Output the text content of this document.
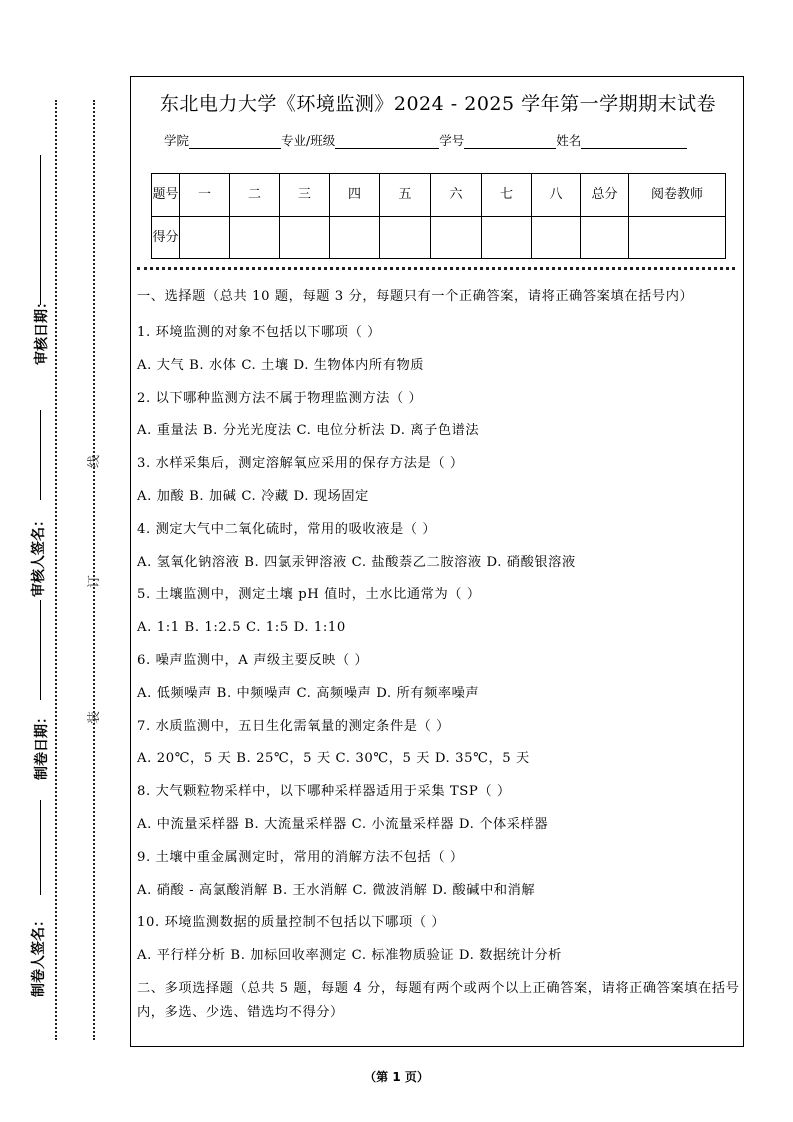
审核日期：
审核人签名：
制卷日期：
制卷人签名：
线
订
装
东北电力大学《环境监测》2024 - 2025 学年第一学期期末试卷
学院	专业/班级	学号	姓名
题号	一	二	三	四	五	六	七	八	总分	阅卷教师
得分										

一、选择题（总共 10 题，每题 3 分，每题只有一个正确答案，请将正确答案填在括号内）

1. 环境监测的对象不包括以下哪项（ ）

A. 大气 B. 水体 C. 土壤 D. 生物体内所有物质

2. 以下哪种监测方法不属于物理监测方法（ ）

A. 重量法 B. 分光光度法 C. 电位分析法 D. 离子色谱法

3. 水样采集后，测定溶解氧应采用的保存方法是（ ）

A. 加酸 B. 加碱 C. 冷藏 D. 现场固定

4. 测定大气中二氧化硫时，常用的吸收液是（ ）

A. 氢氧化钠溶液 B. 四氯汞钾溶液 C. 盐酸萘乙二胺溶液 D. 硝酸银溶液

5. 土壤监测中，测定土壤 pH 值时，土水比通常为（ ）

A. 1:1 B. 1:2.5 C. 1:5 D. 1:10

6. 噪声监测中，A 声级主要反映（ ）

A. 低频噪声 B. 中频噪声 C. 高频噪声 D. 所有频率噪声

7. 水质监测中，五日生化需氧量的测定条件是（ ）

A. 20℃，5 天 B. 25℃，5 天 C. 30℃，5 天 D. 35℃，5 天

8. 大气颗粒物采样中，以下哪种采样器适用于采集 TSP（ ）

A. 中流量采样器 B. 大流量采样器 C. 小流量采样器 D. 个体采样器

9. 土壤中重金属测定时，常用的消解方法不包括（ ）

A. 硝酸 - 高氯酸消解 B. 王水消解 C. 微波消解 D. 酸碱中和消解

10. 环境监测数据的质量控制不包括以下哪项（ ）

A. 平行样分析 B. 加标回收率测定 C. 标准物质验证 D. 数据统计分析

二、多项选择题（总共 5 题，每题 4 分，每题有两个或两个以上正确答案，请将正确答案填在括号内，多选、少选、错选均不得分）

（第 1 页）
